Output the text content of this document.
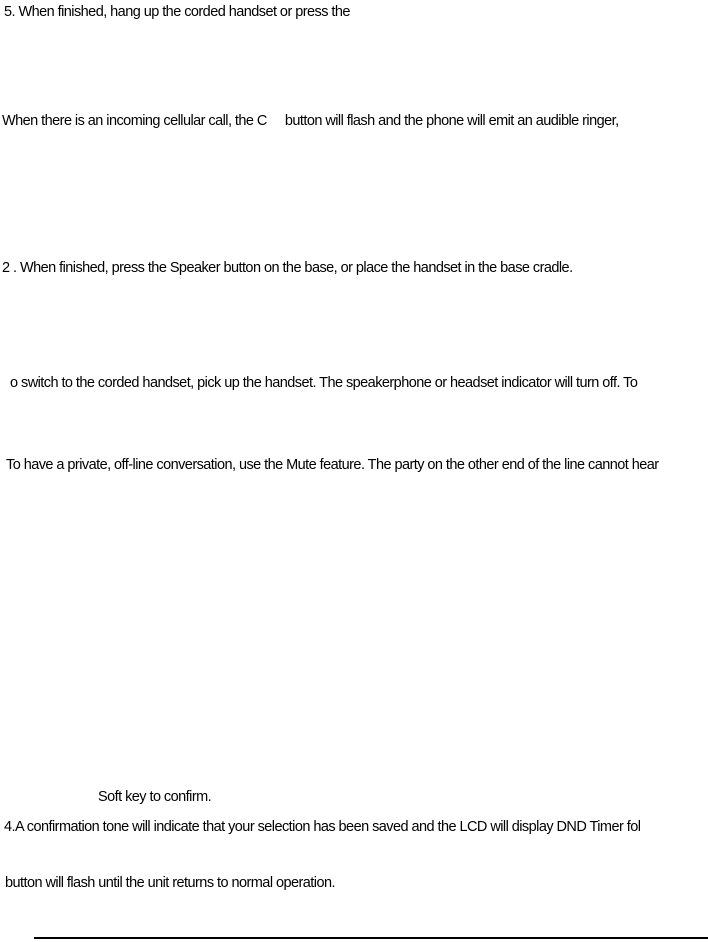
5. When finished, hang up the corded handset or press the
When there is an incoming cellular call, the C button will flash and the phone will emit an audible ringer,
2 . When finished, press the Speaker button on the base, or place the handset in the base cradle.
o switch to the corded handset, pick up the handset. The speakerphone or headset indicator will turn off. To
To have a private, off-line conversation, use the Mute feature. The party on the other end of the line cannot hear
Soft key to confirm.
4.A confirmation tone will indicate that your selection has been saved and the LCD will display DND Timer fol
button will flash until the unit returns to normal operation.
